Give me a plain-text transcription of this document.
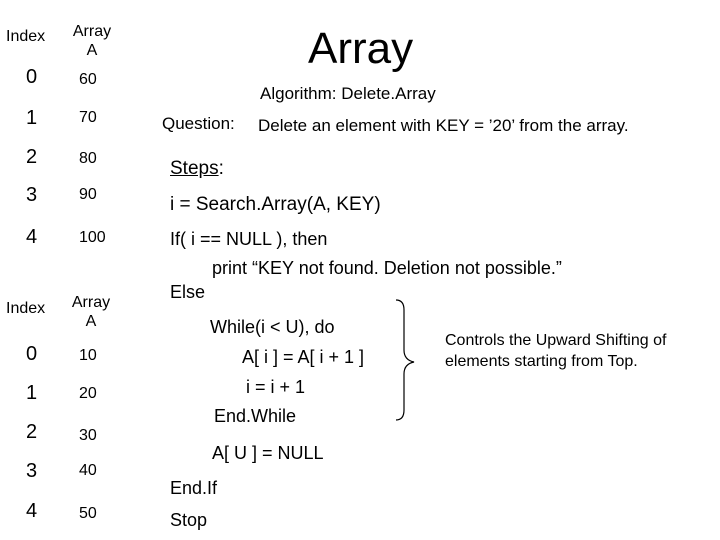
Index	Array
A
0
1
2
3
4
60
70
80
90
100
Index	Array
A
0
1
2
3
4
10
20
30
40
50
Array
Algorithm: Delete.Array
Question: Delete an element with KEY = ’20’ from the array.
Steps:
i = Search.Array(A, KEY)
If( i == NULL ), then
print “KEY not found. Deletion not possible.”
Else
While(i < U), do
A[ i ] = A[ i + 1 ]
i = i + 1
End.While
A[ U ] = NULL
End.If
Stop
Controls the Upward Shifting of elements starting from Top.
